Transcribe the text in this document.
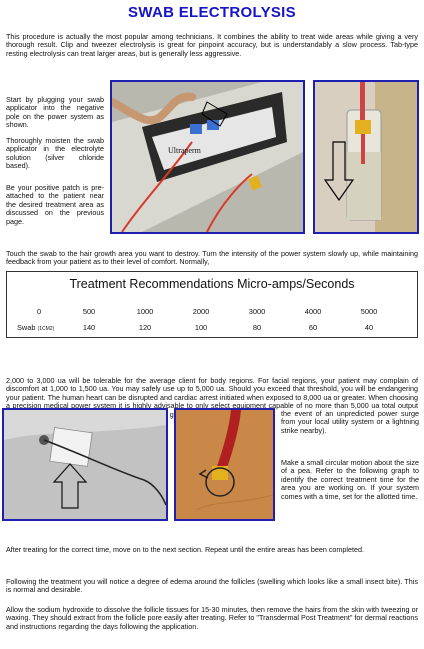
SWAB ELECTROLYSIS
This procedure is actually the most popular among technicians. It combines the ability to treat wide areas while giving a very thorough result. Clip and tweezer electrolysis is great for pinpoint accuracy, but is understandably a slow process. Tab-type resting electrolysis can treat larger areas, but is generally less aggressive.
Start by plugging your swab applicator into the negative pole on the power system as shown.
Thoroughly moisten the swab applicator in the electrolyte solution (silver chloride based).
Be your positive patch is pre-attached to the patient near the desired treatment area as discussed on the previous page.
Ultraperm
Touch the swab to the hair growth area you want to destroy. Turn the intensity of the power system slowly up, while maintaining feedback from your patient as to their level of comfort. Normally,
Treatment Recommendations Micro-amps/Seconds
0	500	1000	2000	3000	4000	5000
Swab (1CM2)	140	120	100	80	60	40
2,000 to 3,000 ua will be tolerable for the average client for body regions. For facial regions, your patient may complain of discomfort at 1,000 to 1,500 ua. You may safely use up to 5,000 ua. Should you exceed that threshold, you will be endangering your patient. The human heart can be disrupted and cardiac arrest initiated when exposed to 8,000 ua or greater. When choosing a precision medical power system it is highly advisable to only select equipment capable of no more than 5,000 ua total output
the event of an unpredicted power surge from your local utility system or a lightning strike nearby).
Make a small circular motion about the size of a pea. Refer to the following graph to identify the correct treatment time for the area you are working on. If your system comes with a time, set for the allotted time.
After treating for the correct time, move on to the next section. Repeat until the entire areas has been completed.
Following the treatment you will notice a degree of edema around the follicles (swelling which looks like a small insect bite). This is normal and desirable.
Allow the sodium hydroxide to dissolve the follicle tissues for 15-30 minutes, then remove the hairs from the skin with tweezing or waxing. They should extract from the follicle pore easily after treating. Refer to "Transdermal Post Treatment" for dermal reactions and instructions regarding the days following the application.
